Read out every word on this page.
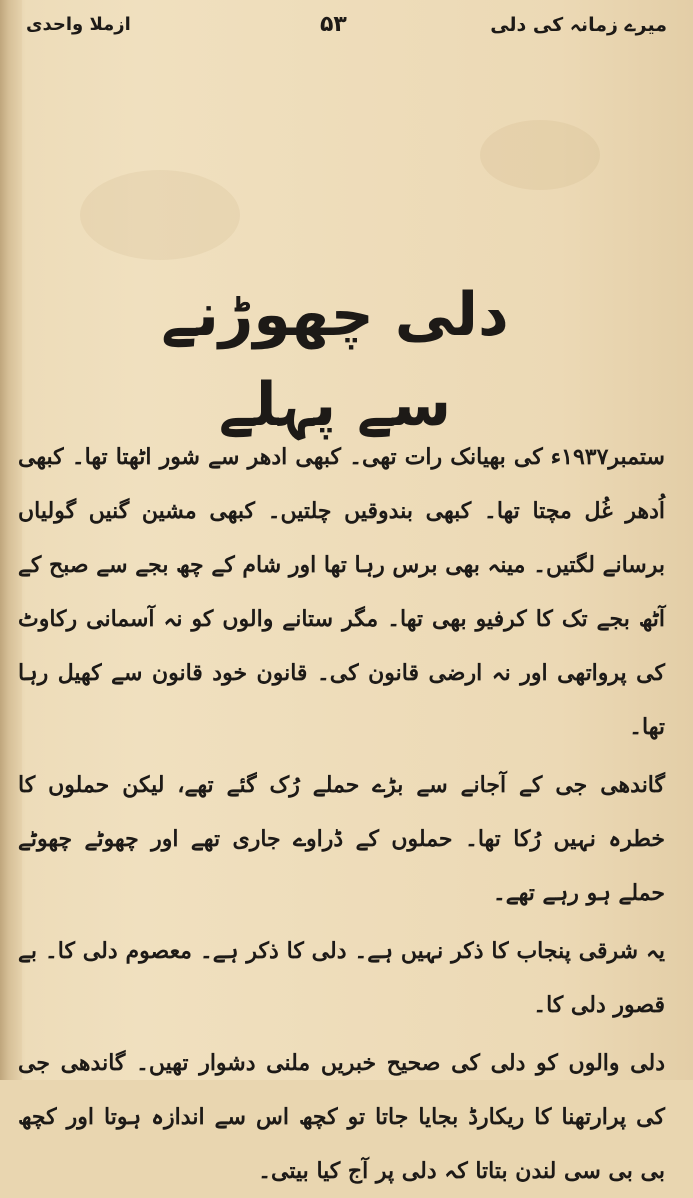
میرے زمانہ کی دلی
۵۳
ازملا واحدی
دلی چھوڑنے سے پہلے

ستمبر۱۹۳۷ء کی بھیانک رات تھی۔ کبھی ادھر سے شور اٹھتا تھا۔ کبھی اُدھر غُل مچتا تھا۔ کبھی بندوقیں چلتیں۔ کبھی مشین گنیں گولیاں برسانے لگتیں۔ مینہ بھی برس رہا تھا اور شام کے چھ بجے سے صبح کے آٹھ بجے تک کا کرفیو بھی تھا۔ مگر ستانے والوں کو نہ آسمانی رکاوٹ کی پرواتھی اور نہ ارضی قانون کی۔ قانون خود قانون سے کھیل رہا تھا۔

گاندھی جی کے آجانے سے بڑے حملے رُک گئے تھے، لیکن حملوں کا خطرہ نہیں رُکا تھا۔ حملوں کے ڈراوے جاری تھے اور چھوٹے چھوٹے حملے ہو رہے تھے۔

یہ شرقی پنجاب کا ذکر نہیں ہے۔ دلی کا ذکر ہے۔ معصوم دلی کا۔ بے قصور دلی کا۔

دلی والوں کو دلی کی صحیح خبریں ملنی دشوار تھیں۔ گاندھی جی کی پرارتھنا کا ریکارڈ بجایا جاتا تو کچھ اس سے اندازہ ہوتا اور کچھ بی بی سی لندن بتاتا کہ دلی پر آج کیا بیتی۔
